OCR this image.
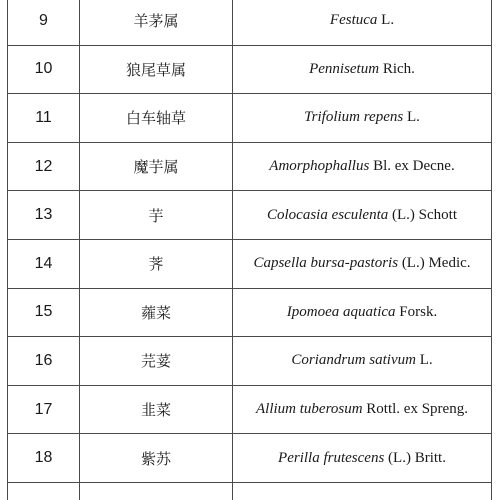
9	羊茅属	Festuca L.
10	狼尾草属	Pennisetum Rich.
11	白车轴草	Trifolium repens L.
12	魔芋属	Amorphophallus Bl. ex Decne.
13	芋	Colocasia esculenta (L.) Schott
14	荠	Capsella bursa-pastoris (L.) Medic.
15	蕹菜	Ipomoea aquatica Forsk.
16	芫荽	Coriandrum sativum L.
17	韭菜	Allium tuberosum Rottl. ex Spreng.
18	紫苏	Perilla frutescens (L.) Britt.
